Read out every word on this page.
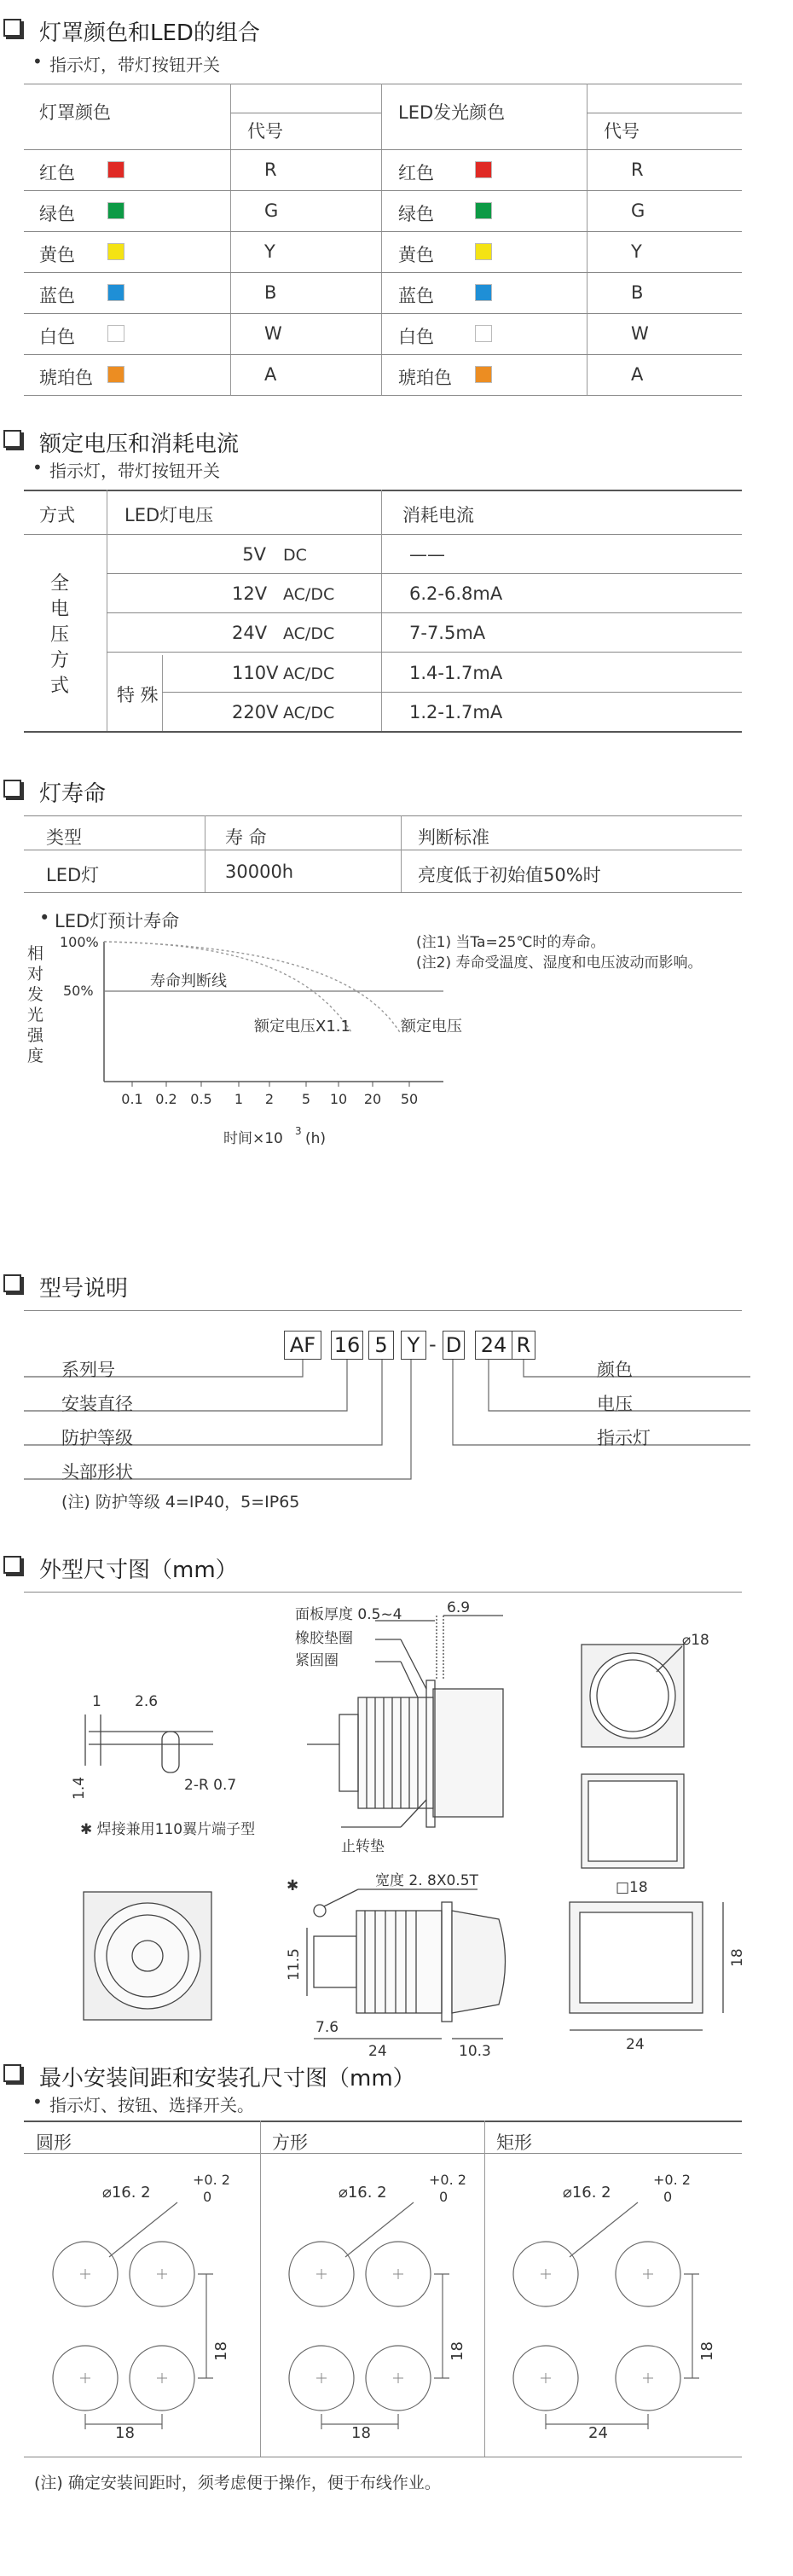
灯罩颜色和LED的组合
• 指示灯，带灯按钮开关
灯罩颜色	LED发光颜色
代号	代号
红色	R	红色	R
绿色	G	绿色	G
黄色	Y	黄色	Y
蓝色	B	蓝色	B
白色	W	白色	W
琥珀色	A	琥珀色	A
额定电压和消耗电流
• 指示灯，带灯按钮开关
方式	LED灯电压	消耗电流
全
电
压
方
式	特 殊
5V DC	——
12V AC/DC	6.2-6.8mA
24V AC/DC	7-7.5mA
110V AC/DC	1.4-1.7mA
220V AC/DC	1.2-1.7mA
灯寿命
类型	寿 命	判断标准
LED灯	30000h	亮度低于初始值50%时
• LED灯预计寿命
(注1) 当Ta=25℃时的寿命。
(注2) 寿命受温度、湿度和电压波动而影响。
相
对
发
光
强
度
100%
50%
寿命判断线
额定电压X1.1	额定电压
0.1 0.2 0.5 1 2 5 10 20 50
时间×10 3 (h)
型号说明
AF 16 5 Y - D 24 R
系列号
安装直径
防护等级
头部形状
颜色
电压
指示灯
(注) 防护等级 4=IP40，5=IP65
外型尺寸图（mm）
面板厚度 0.5~4	6.9
橡胶垫圈
紧固圈
止转垫
⌀18
1 2.6
1.4	2-R 0.7
✱ 焊接兼用110翼片端子型
□18
✱	宽度 2. 8X0.5T
11.5
7.6
24	10.3
18
24
最小安装间距和安装孔尺寸图（mm）
• 指示灯、按钮、选择开关。
圆形
⌀16. 2
+0. 2
0
18
18
方形
⌀16. 2
+0. 2
0
18
18
矩形
⌀16. 2
+0. 2
0
24
18
(注) 确定安装间距时，须考虑便于操作，便于布线作业。
